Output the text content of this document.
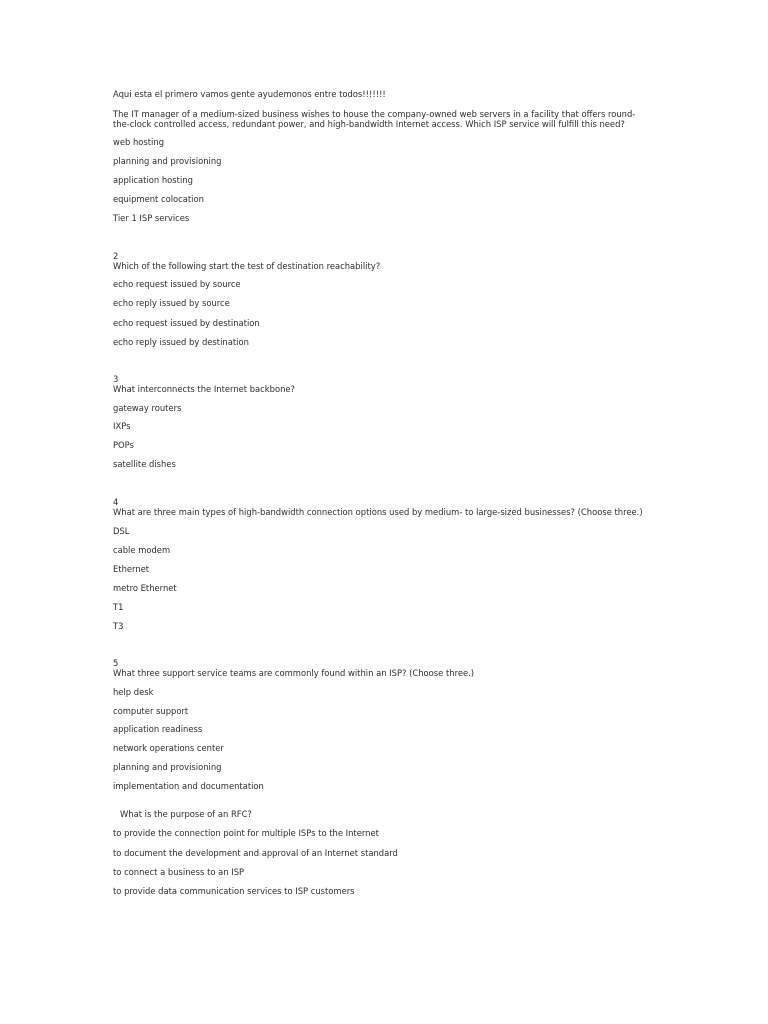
Aqui esta el primero vamos gente ayudemonos entre todos!!!!!!!
The IT manager of a medium-sized business wishes to house the company-owned web servers in a facility that offers round-the-clock controlled access, redundant power, and high-bandwidth Internet access. Which ISP service will fulfill this need?
web hosting
planning and provisioning
application hosting
equipment colocation
Tier 1 ISP services
2
Which of the following start the test of destination reachability?
echo request issued by source
echo reply issued by source
echo request issued by destination
echo reply issued by destination
3
What interconnects the Internet backbone?
gateway routers
IXPs
POPs
satellite dishes
4
What are three main types of high-bandwidth connection options used by medium- to large-sized businesses? (Choose three.)
DSL
cable modem
Ethernet
metro Ethernet
T1
T3
5
What three support service teams are commonly found within an ISP? (Choose three.)
help desk
computer support
application readiness
network operations center
planning and provisioning
implementation and documentation
What is the purpose of an RFC?
to provide the connection point for multiple ISPs to the Internet
to document the development and approval of an Internet standard
to connect a business to an ISP
to provide data communication services to ISP customers
